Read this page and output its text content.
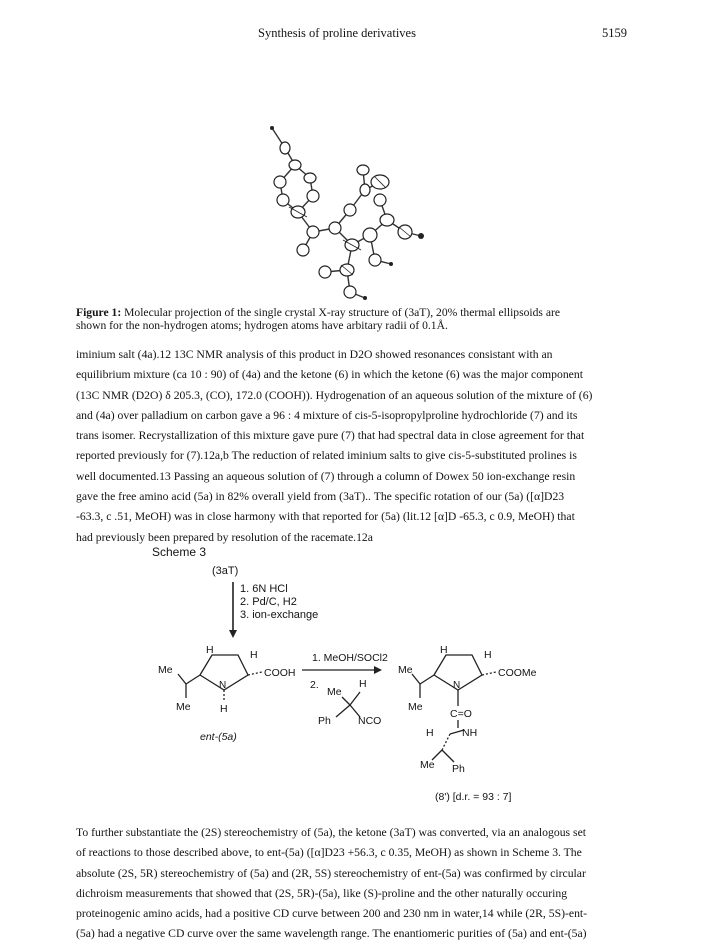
Synthesis of proline derivatives	5159
Figure 1: Molecular projection of the single crystal X-ray structure of (3aT), 20% thermal ellipsoids are
shown for the non-hydrogen atoms; hydrogen atoms have arbitary radii of 0.1Å.
iminium salt (4a).12 13C NMR analysis of this product in D2O showed resonances consistant with an
equilibrium mixture (ca 10 : 90) of (4a) and the ketone (6) in which the ketone (6) was the major component
(13C NMR (D2O) δ 205.3, (CO), 172.0 (COOH)). Hydrogenation of an aqueous solution of the mixture of (6)
and (4a) over palladium on carbon gave a 96 : 4 mixture of cis-5-isopropylproline hydrochloride (7) and its
trans isomer. Recrystallization of this mixture gave pure (7) that had spectral data in close agreement for that
reported previously for (7).12a,b The reduction of related iminium salts to give cis-5-substituted prolines is
well documented.13 Passing an aqueous solution of (7) through a column of Dowex 50 ion-exchange resin
gave the free amino acid (5a) in 82% overall yield from (3aT).. The specific rotation of our (5a) ([α]D23
-63.3, c .51, MeOH) was in close harmony with that reported for (5a) (lit.12 [α]D -65.3, c 0.9, MeOH) that
had previously been prepared by resolution of the racemate.12a
Scheme 3
(3aT)
1. 6N HCl
2. Pd/C, H2
3. ion-exchange
H	H
Me
N
COOH
Me	H
ent-(5a)
1. MeOH/SOCl2
2.
Me
H
Ph	NCO
H	H
Me
N
COOMe
Me
C=O
H	NH
Me Ph
(8') [d.r. = 93 : 7]
To further substantiate the (2S) stereochemistry of (5a), the ketone (3aT) was converted, via an analogous set
of reactions to those described above, to ent-(5a) ([α]D23 +56.3, c 0.35, MeOH) as shown in Scheme 3. The
absolute (2S, 5R) stereochemistry of (5a) and (2R, 5S) stereochemistry of ent-(5a) was confirmed by circular
dichroism measurements that showed that (2S, 5R)-(5a), like (S)-proline and the other naturally occuring
proteinogenic amino acids, had a positive CD curve between 200 and 230 nm in water,14 while (2R, 5S)-ent-
(5a) had a negative CD curve over the same wavelength range. The enantiomeric purities of (5a) and ent-(5a)
